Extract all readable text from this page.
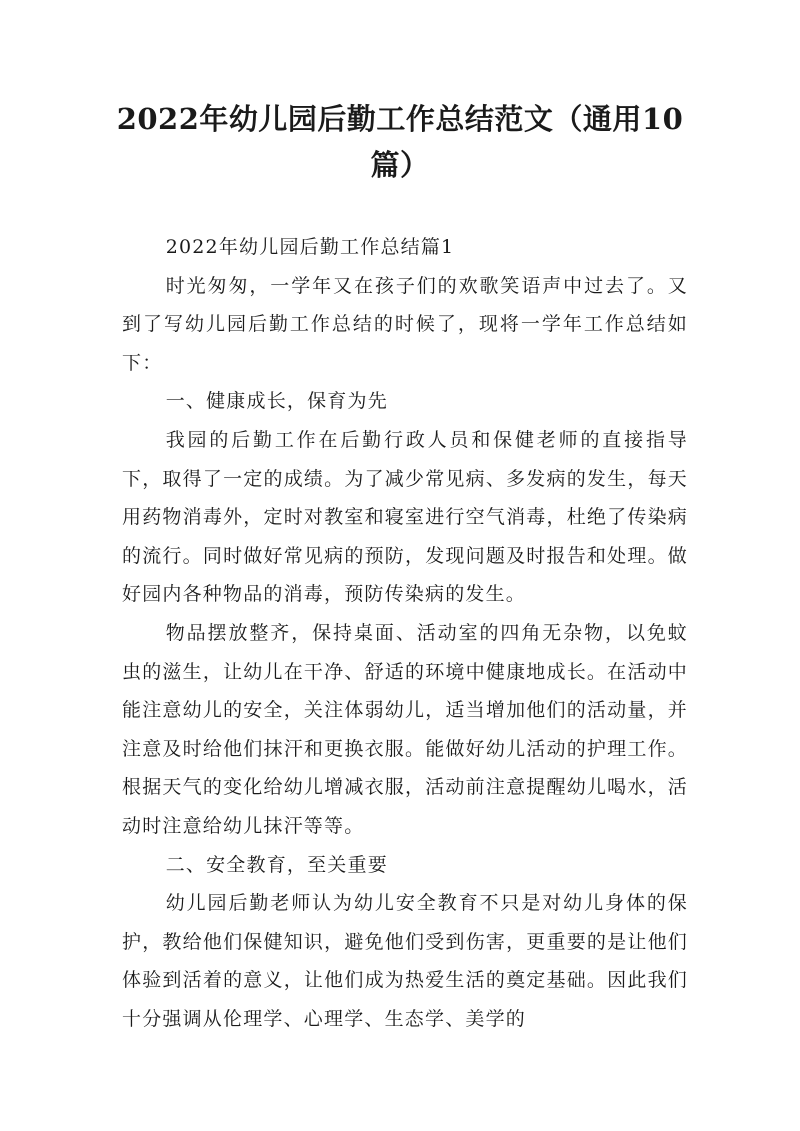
2022年幼儿园后勤工作总结范文（通用10篇）

2022年幼儿园后勤工作总结篇1

时光匆匆，一学年又在孩子们的欢歌笑语声中过去了。又到了写幼儿园后勤工作总结的时候了，现将一学年工作总结如下：

一、健康成长，保育为先

我园的后勤工作在后勤行政人员和保健老师的直接指导下，取得了一定的成绩。为了减少常见病、多发病的发生，每天用药物消毒外，定时对教室和寝室进行空气消毒，杜绝了传染病的流行。同时做好常见病的预防，发现问题及时报告和处理。做好园内各种物品的消毒，预防传染病的发生。

物品摆放整齐，保持桌面、活动室的四角无杂物，以免蚊虫的滋生，让幼儿在干净、舒适的环境中健康地成长。在活动中能注意幼儿的安全，关注体弱幼儿，适当增加他们的活动量，并注意及时给他们抹汗和更换衣服。能做好幼儿活动的护理工作。根据天气的变化给幼儿增减衣服，活动前注意提醒幼儿喝水，活动时注意给幼儿抹汗等等。

二、安全教育，至关重要

幼儿园后勤老师认为幼儿安全教育不只是对幼儿身体的保护，教给他们保健知识，避免他们受到伤害，更重要的是让他们体验到活着的意义，让他们成为热爱生活的奠定基础。因此我们十分强调从伦理学、心理学、生态学、美学的
